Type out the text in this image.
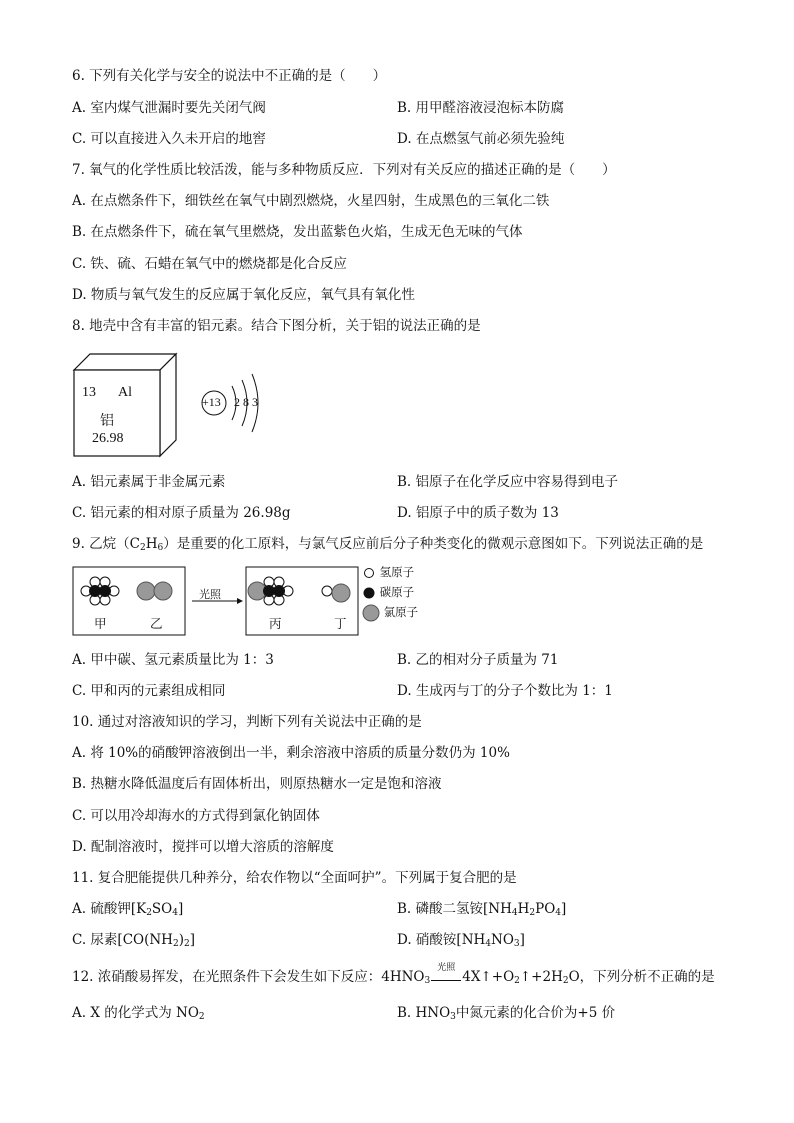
6. 下列有关化学与安全的说法中不正确的是（　　）
A. 室内煤气泄漏时要先关闭气阀	B. 用甲醛溶液浸泡标本防腐
C. 可以直接进入久未开启的地窖	D. 在点燃氢气前必须先验纯
7. 氧气的化学性质比较活泼，能与多种物质反应．下列对有关反应的描述正确的是（　　）
A. 在点燃条件下，细铁丝在氧气中剧烈燃烧，火星四射，生成黑色的三氧化二铁
B. 在点燃条件下，硫在氧气里燃烧，发出蓝紫色火焰，生成无色无味的气体
C. 铁、硫、石蜡在氧气中的燃烧都是化合反应
D. 物质与氧气发生的反应属于氧化反应，氧气具有氧化性
8. 地壳中含有丰富的铝元素。结合下图分析，关于铝的说法正确的是
13 Al
铝
26.98
+13 2 8 3
A. 铝元素属于非金属元素	B. 铝原子在化学反应中容易得到电子
C. 铝元素的相对原子质量为 26.98g	D. 铝原子中的质子数为 13
9. 乙烷$(C_2H_6)$是重要的化工原料，与氯气反应前后分子种类变化的微观示意图如下。下列说法正确的是
甲	乙
光照
丙	丁
氢原子
碳原子
氯原子
A. 甲中碳、氢元素质量比为 1：3	B. 乙的相对分子质量为 71
C. 甲和丙的元素组成相同	D. 生成丙与丁的分子个数比为 1：1
10. 通过对溶液知识的学习，判断下列有关说法中正确的是
A. 将 10%的硝酸钾溶液倒出一半，剩余溶液中溶质的质量分数仍为 10%
B. 热糖水降低温度后有固体析出，则原热糖水一定是饱和溶液
C. 可以用冷却海水的方式得到氯化钠固体
D. 配制溶液时，搅拌可以增大溶质的溶解度
11. 复合肥能提供几种养分，给农作物以“全面呵护”。下列属于复合肥的是
A. 硫酸钾$[K_2SO_4]$	B. 磷酸二氢铵$[NH_4H_2PO_4]$
C. 尿素$[CO(NH_2)_2]$	D. 硝酸铵$[NH_4NO_3]$
12. 浓硝酸易挥发，在光照条件下会发生如下反应：$4HNO_3$
光照
$4X↑+O_2↑+2H_2O$，下列分析不正确的是
A. X 的化学式为 $NO_2$	B. $HNO_3$中氮元素的化合价为+5 价
